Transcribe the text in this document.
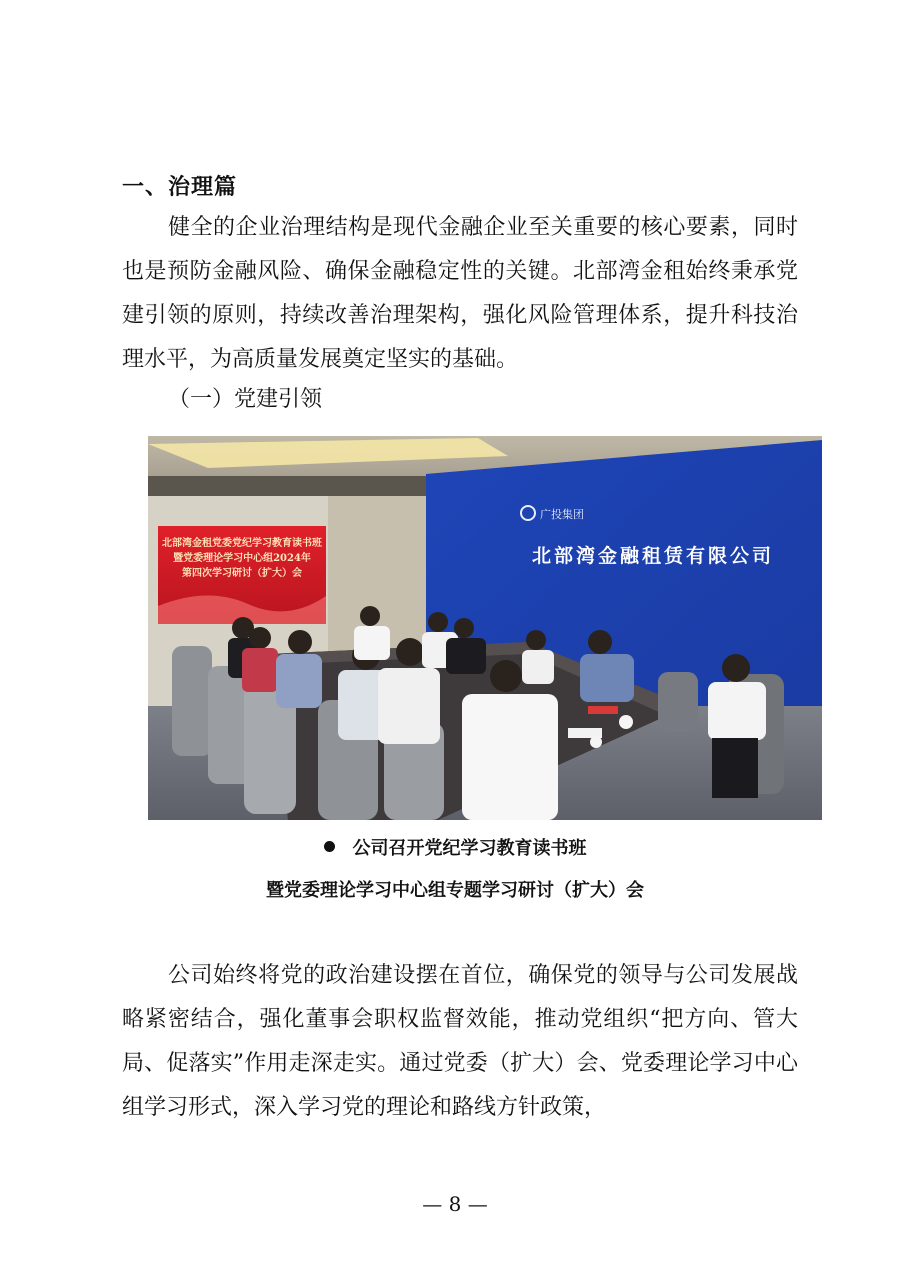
一、治理篇
健全的企业治理结构是现代金融企业至关重要的核心要素，同时也是预防金融风险、确保金融稳定性的关键。北部湾金租始终秉承党建引领的原则，持续改善治理架构，强化风险管理体系，提升科技治理水平，为高质量发展奠定坚实的基础。
（一）党建引领
北部湾金租党委党纪学习教育读书班
暨党委理论学习中心组2024年
第四次学习研讨（扩大）会
广投集团
北部湾金融租赁有限公司
公司召开党纪学习教育读书班
暨党委理论学习中心组专题学习研讨（扩大）会
公司始终将党的政治建设摆在首位，确保党的领导与公司发展战略紧密结合，强化董事会职权监督效能，推动党组织“把方向、管大局、促落实”作用走深走实。通过党委（扩大）会、党委理论学习中心组学习形式，深入学习党的理论和路线方针政策，
— 8 —
